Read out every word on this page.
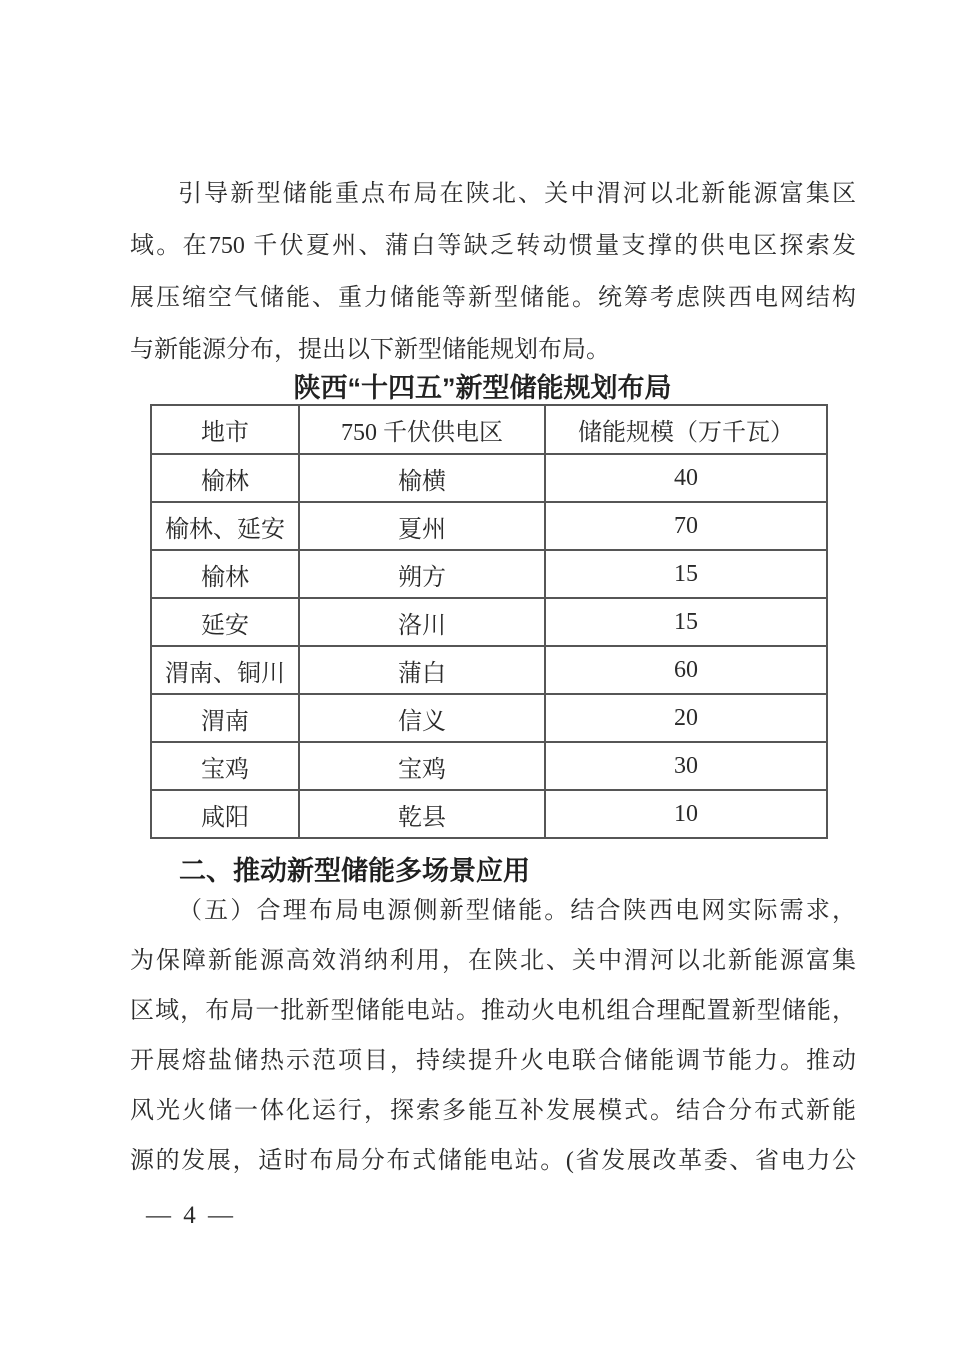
引导新型储能重点布局在陕北、关中渭河以北新能源富集区
域。在750 千伏夏州、蒲白等缺乏转动惯量支撑的供电区探索发
展压缩空气储能、重力储能等新型储能。统筹考虑陕西电网结构
与新能源分布，提出以下新型储能规划布局。
陕西“十四五”新型储能规划布局
地市	750 千伏供电区	储能规模（万千瓦）
榆林	榆横	40
榆林、延安	夏州	70
榆林	朔方	15
延安	洛川	15
渭南、铜川	蒲白	60
渭南	信义	20
宝鸡	宝鸡	30
咸阳	乾县	10
二、推动新型储能多场景应用
（五）合理布局电源侧新型储能。结合陕西电网实际需求，
为保障新能源高效消纳利用，在陕北、关中渭河以北新能源富集
区域，布局一批新型储能电站。推动火电机组合理配置新型储能，
开展熔盐储热示范项目，持续提升火电联合储能调节能力。推动
风光火储一体化运行，探索多能互补发展模式。结合分布式新能
源的发展，适时布局分布式储能电站。(省发展改革委、省电力公
— 4 —
